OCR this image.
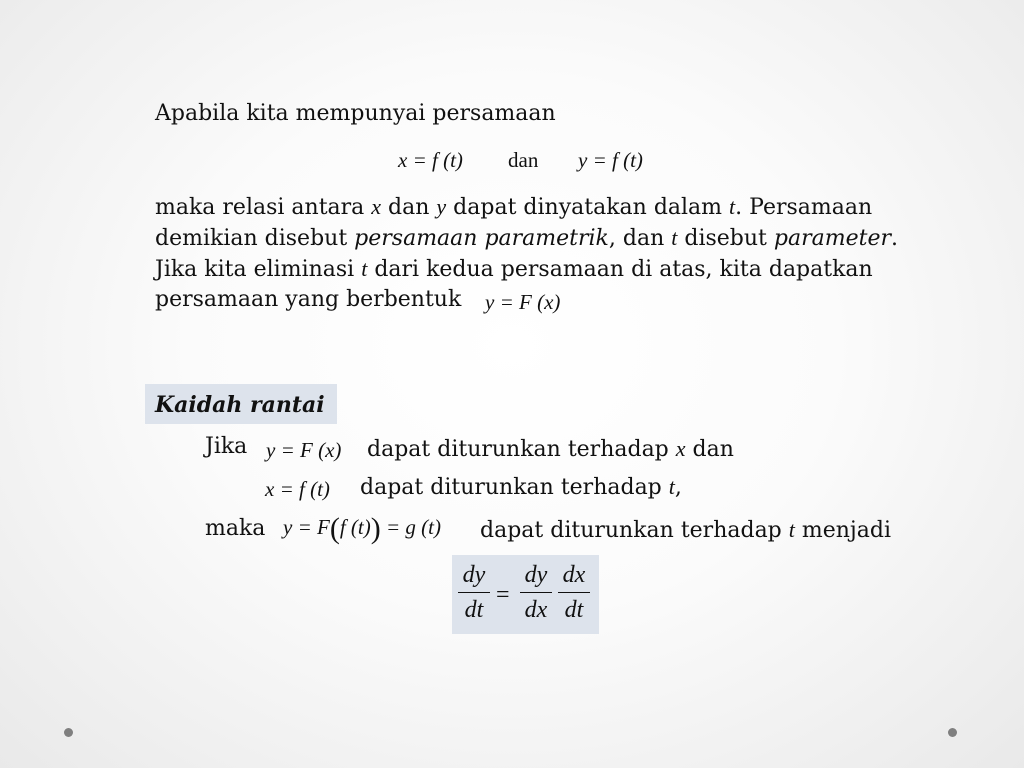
Apabila kita mempunyai persamaan
x = f (t) dan y = f (t)
maka relasi antara x dan y dapat dinyatakan dalam t. Persamaan
demikian disebut persamaan parametrik, dan t disebut parameter.
Jika kita eliminasi t dari kedua persamaan di atas, kita dapatkan
persamaan yang berbentuk y = F (x)
Kaidah rantai
Jika y = F (x) dapat diturunkan terhadap x dan
x = f (t) dapat diturunkan terhadap t,
maka y = F(f (t)) = g (t) dapat diturunkan terhadap t menjadi
dy
dt
=
dy
dx
dx
dt
